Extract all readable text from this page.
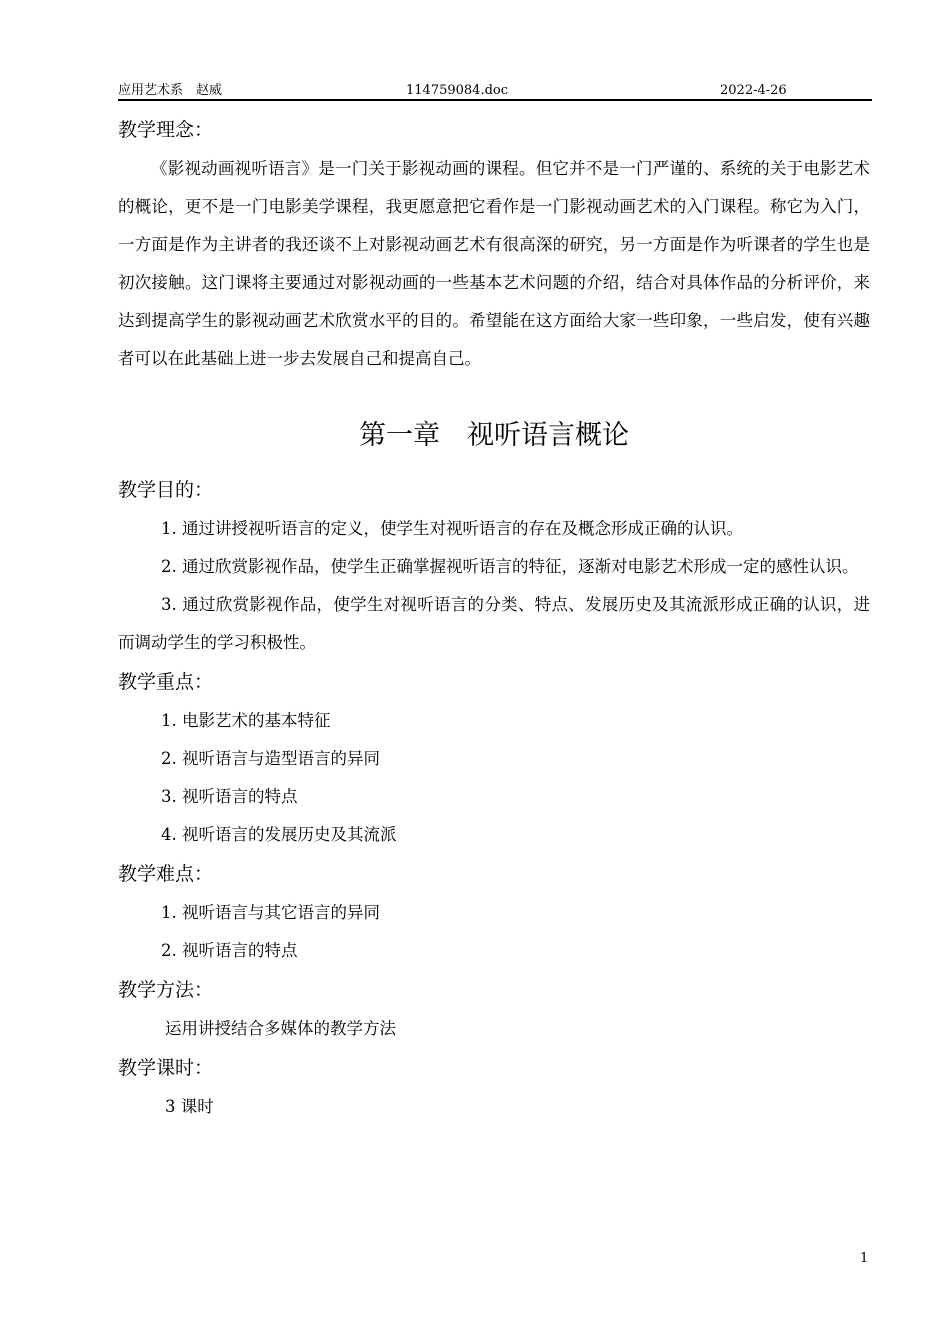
应用艺术系　赵威	114759084.doc	2022-4-26
教学理念：

《影视动画视听语言》是一门关于影视动画的课程。但它并不是一门严谨的、系统的关于电影艺术的概论，更不是一门电影美学课程，我更愿意把它看作是一门影视动画艺术的入门课程。称它为入门，一方面是作为主讲者的我还谈不上对影视动画艺术有很高深的研究，另一方面是作为听课者的学生也是初次接触。这门课将主要通过对影视动画的一些基本艺术问题的介绍，结合对具体作品的分析评价，来达到提高学生的影视动画艺术欣赏水平的目的。希望能在这方面给大家一些印象，一些启发，使有兴趣者可以在此基础上进一步去发展自己和提高自己。

第一章　视听语言概论
教学目的：

1. 通过讲授视听语言的定义，使学生对视听语言的存在及概念形成正确的认识。

2. 通过欣赏影视作品，使学生正确掌握视听语言的特征，逐渐对电影艺术形成一定的感性认识。

3. 通过欣赏影视作品，使学生对视听语言的分类、特点、发展历史及其流派形成正确的认识，进而调动学生的学习积极性。

教学重点：

1. 电影艺术的基本特征

2. 视听语言与造型语言的异同

3. 视听语言的特点

4. 视听语言的发展历史及其流派

教学难点：

1. 视听语言与其它语言的异同

2. 视听语言的特点

教学方法：

运用讲授结合多媒体的教学方法

教学课时：

3 课时

1
